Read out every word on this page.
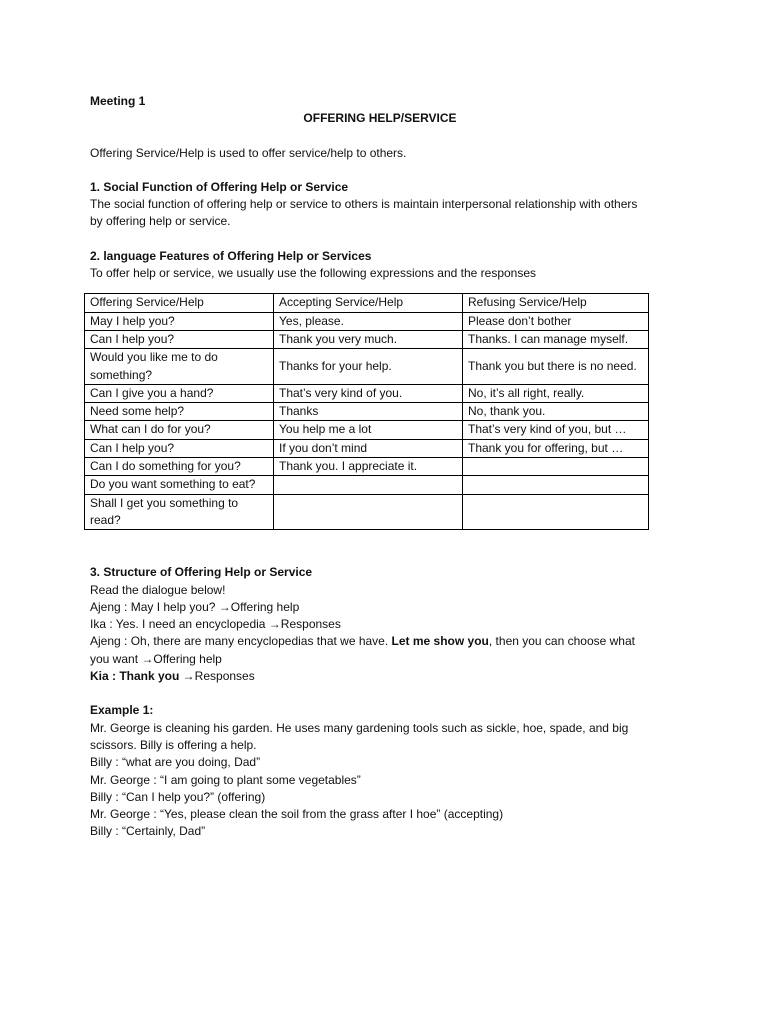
Meeting 1

OFFERING HELP/SERVICE

Offering Service/Help is used to offer service/help to others.

1. Social Function of Offering Help or Service

The social function of offering help or service to others is maintain interpersonal relationship with others by offering help or service.

2. language Features of Offering Help or Services

To offer help or service, we usually use the following expressions and the responses

Offering Service/Help	Accepting Service/Help	Refusing Service/Help
May I help you?	Yes, please.	Please don’t bother
Can I help you?	Thank you very much.	Thanks. I can manage myself.
Would you like me to do something?	Thanks for your help.	Thank you but there is no need.
Can I give you a hand?	That’s very kind of you.	No, it’s all right, really.
Need some help?	Thanks	No, thank you.
What can I do for you?	You help me a lot	That’s very kind of you, but …
Can I help you?	If you don’t mind	Thank you for offering, but …
Can I do something for you?	Thank you. I appreciate it.	
Do you want something to eat?		
Shall I get you something to read?		

3. Structure of Offering Help or Service

Read the dialogue below!

Ajeng : May I help you? →Offering help

Ika : Yes. I need an encyclopedia →Responses

Ajeng : Oh, there are many encyclopedias that we have. Let me show you, then you can choose what you want →Offering help

Kia : Thank you →Responses

Example 1:

Mr. George is cleaning his garden. He uses many gardening tools such as sickle, hoe, spade, and big scissors. Billy is offering a help.

Billy : “what are you doing, Dad”

Mr. George : “I am going to plant some vegetables”

Billy : “Can I help you?” (offering)

Mr. George : “Yes, please clean the soil from the grass after I hoe” (accepting)

Billy : “Certainly, Dad”
